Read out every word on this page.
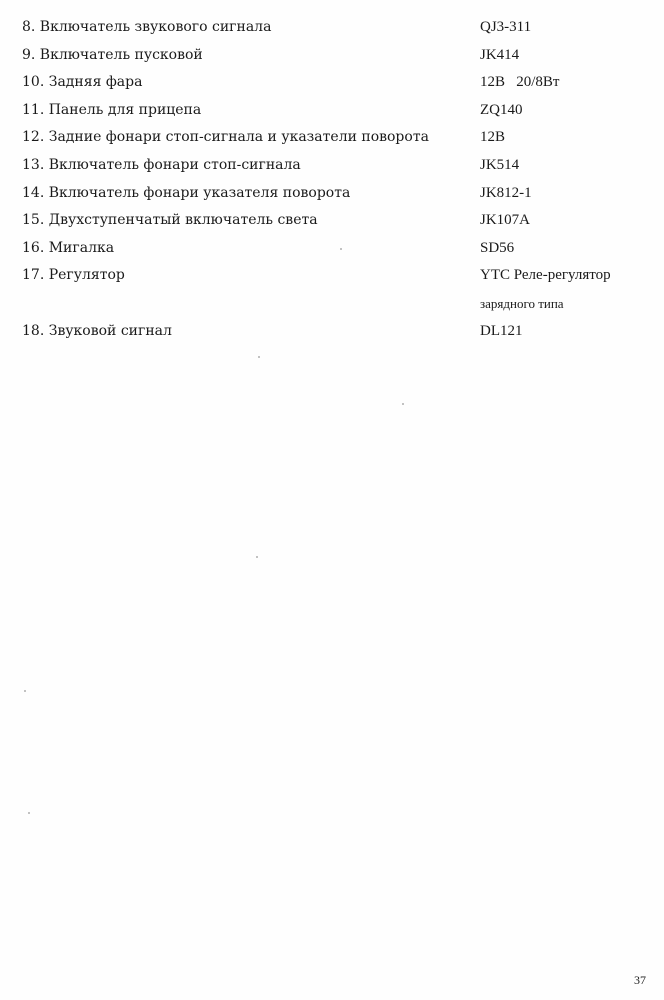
8. Включатель звукового сигнала	QJ3-311
9. Включатель пусковой	JK414
10. Задняя фара	12В   20/8Вт
11. Панель для прицепа	ZQ140
12. Задние фонари стоп-сигнала и указатели поворота	12В
13. Включатель фонари стоп-сигнала	JK514
14. Включатель фонари указателя поворота	JK812-1
15. Двухступенчатый включатель света	JK107A
16. Мигалка	SD56
17. Регулятор	YTC Реле-регулятор
зарядного типа
18. Звуковой сигнал	DL121
37
